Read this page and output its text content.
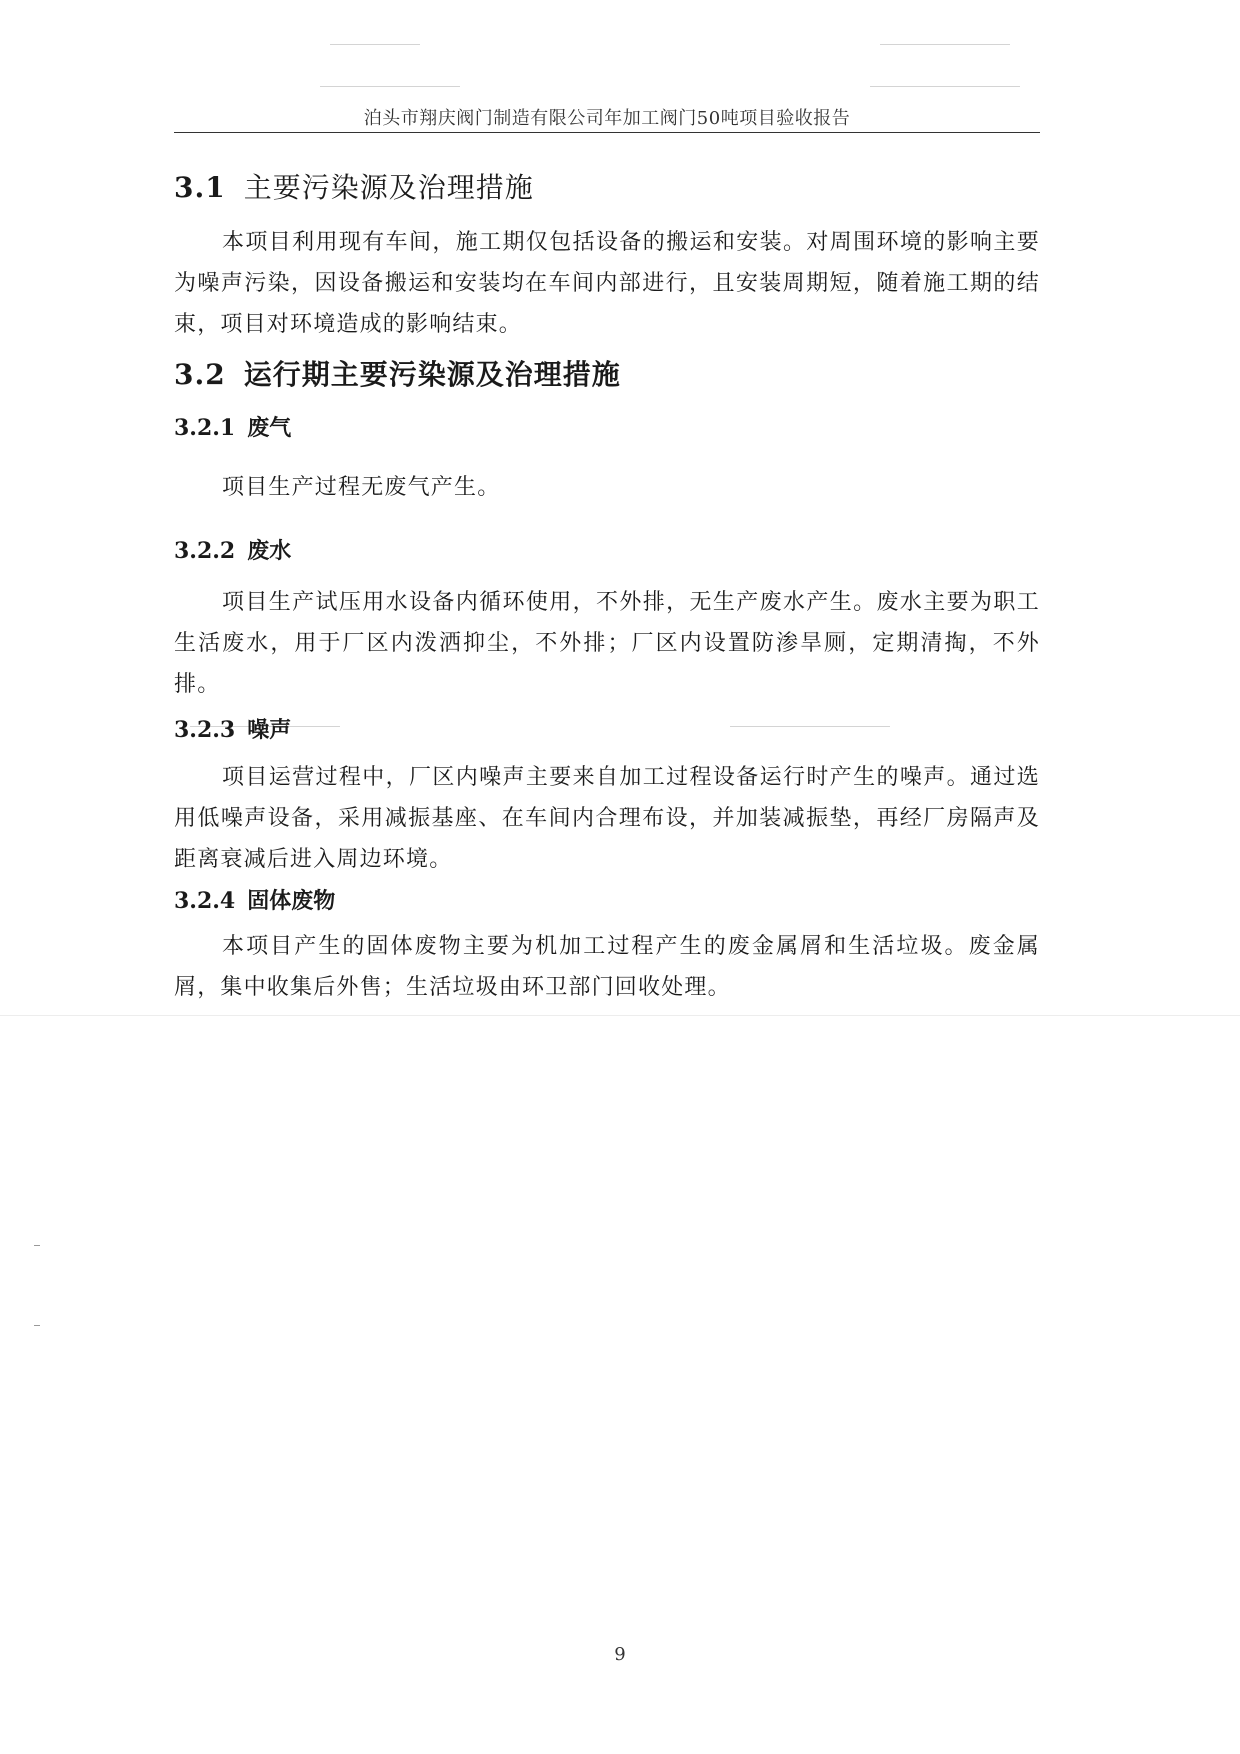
泊头市翔庆阀门制造有限公司年加工阀门50吨项目验收报告
3.1 主要污染源及治理措施

本项目利用现有车间，施工期仅包括设备的搬运和安装。对周围环境的影响主要为噪声污染，因设备搬运和安装均在车间内部进行，且安装周期短，随着施工期的结束，项目对环境造成的影响结束。

3.2 运行期主要污染源及治理措施
3.2.1 废气

项目生产过程无废气产生。

3.2.2 废水

项目生产试压用水设备内循环使用，不外排，无生产废水产生。废水主要为职工生活废水，用于厂区内泼洒抑尘，不外排；厂区内设置防渗旱厕，定期清掏，不外排。

3.2.3 噪声

项目运营过程中，厂区内噪声主要来自加工过程设备运行时产生的噪声。通过选用低噪声设备，采用减振基座、在车间内合理布设，并加装减振垫，再经厂房隔声及距离衰减后进入周边环境。

3.2.4 固体废物

本项目产生的固体废物主要为机加工过程产生的废金属屑和生活垃圾。废金属屑，集中收集后外售；生活垃圾由环卫部门回收处理。

9
